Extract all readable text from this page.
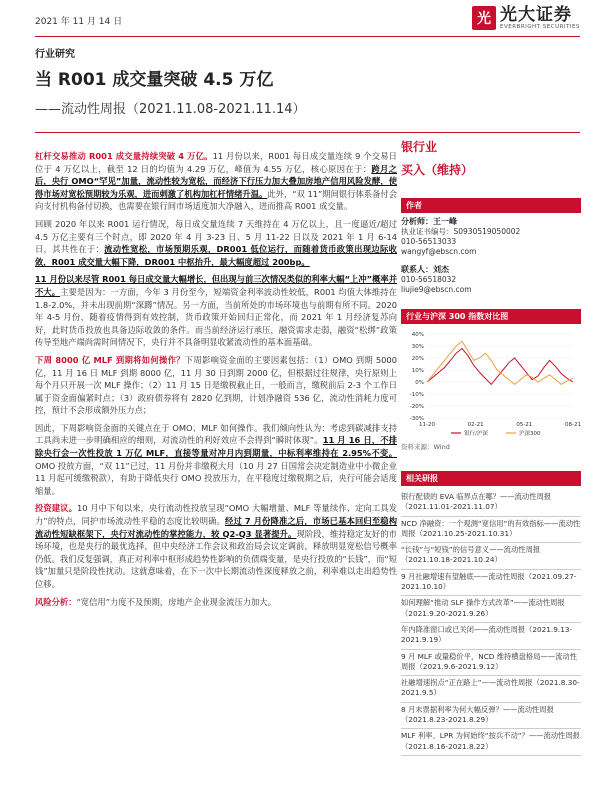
2021 年 11 月 14 日	光 光大证券
EVERBRIGHT SECURITIES
行业研究
当 R001 成交量突破 4.5 万亿
——流动性周报（2021.11.08-2021.11.14）

杠杆交易推动 R001 成交量持续突破 4 万亿。11 月份以来，R001 每日成交量连续 9 个交易日位于 4 万亿以上，截至 12 日的均值为 4.29 万亿，峰值为 4.55 万亿，核心原因在于：跨月之后，央行 OMO“罕见”加量，流动性较为宽松，而经济下行压力加大叠加房地产信用风险发酵，使得市场对宽松预期较为乐观，进而刺激了机构加杠杆情绪升温。此外，“双 11”期间银行体系备付会向支付机构备付切换，也需要在银行间市场适度加大净融入，进而推高 R001 成交量。

回顾 2020 年以来 R001 运行情况，每日成交量连续 7 天维持在 4 万亿以上，且一度逼近/超过 4.5 万亿主要有三个时点，即 2020 年 4 月 3-23 日、5 月 11-22 日以及 2021 年 1 月 6-14 日，其共性在于：流动性宽松，市场预期乐观，DR001 低位运行，而随着货币政策出现边际收敛，R001 成交量大幅下降，DR001 中枢抬升，最大幅度超过 200bp。

11 月份以来尽管 R001 每日成交量大幅增长，但出现与前三次情况类似的利率大幅“上冲”概率并不大。主要是因为：一方面，今年 3 月份至今，短端资金利率波动性较低，R001 均值大体维持在 1.8-2.0%，并未出现前期“深蹲”情况。另一方面，当前所处的市场环境也与前期有所不同。2020 年 4-5 月份，随着疫情得到有效控制，货币政策开始回归正常化，而 2021 年 1 月经济复苏向好，此时货币投放也具备边际收敛的条件。而当前经济运行承压，融资需求走弱，融资“松绑”政策传导至地产端尚需时间情况下，央行并不具备明显收紧流动性的基本面基础。

下周 8000 亿 MLF 到期将如何操作？下周影响资金面的主要因素包括：（1）OMO 到期 5000 亿，11 月 16 日 MLF 到期 8000 亿，11 月 30 日到期 2000 亿，但根据过往规律，央行原则上每个月只开展一次 MLF 操作；（2）11 月 15 日是缴税截止日，一般而言，缴税前后 2-3 个工作日属于资金面偏紧时点；（3）政府债券将有 2820 亿到期，计划净融资 536 亿，流动性消耗力度可控，预计不会形成额外压力点；

因此，下周影响资金面的关键点在于 OMO、MLF 如何操作。我们倾向性认为：考虑到碳减排支持工具尚未进一步明确相应的细则，对流动性的利好效应不会得到“瞬时体现”。11 月 16 日，不排除央行会一次性投放 1 万亿 MLF，直接等量对冲月内到期量，中标利率维持在 2.95%不变。OMO 投放方面，“双 11”已过，11 月份并非缴税大月（10 月 27 日国常会决定制造业中小微企业 11 月起可缓缴税款），有助于降低央行 OMO 投放压力，在平稳度过缴税期之后，央行可能会适度缩量。

投资建议。10 月中下旬以来，央行流动性投放呈现“OMO 大幅增量、MLF 等量续作、定向工具发力”的特点，同护市场流动性平稳的态度比较明确。经过 7 月份降准之后，市场已基本回归至稳构流动性短缺框架下，央行对流动性的掌控能力，较 Q2-Q3 显著提升。现阶段，维持稳定友好的市场环境，也是央行的最优选择，但中央经济工作会议和政治局会议定调前，释放明显宽松信号概率仍低。我们反复强调，真正对利率中枢形成趋势性影响的负债端变量，是央行投放的“长钱”，而“短钱”加量只是阶段性扰动。这就意味着，在下一次中长期流动性深度释放之前，利率难以走出趋势性位移。

风险分析：“宽信用”力度不及预期，房地产企业现金流压力加大。

银行业
买入（维持）
作者
分析师：王一峰
执业证书编号：S0930519050002
010-56513033
wangyf@ebscn.com
联系人：刘杰
010-56518032
liujie9@ebscn.com
行业与沪深 300 指数对比图
-30%
-20%
-10%
0%
10%
20%
30%
40%
11-20	02-21	05-21	08-21
银行/沪深	沪深300
资料来源：Wind
相关研报
银行配债的 EVA 临界点在哪？——流动性周报（2021.11.01-2021.11.07）
NCD 净融资：一个观测“宽信用”的有效指标——流动性周报（2021.10.25-2021.10.31）
“长钱”与“短钱”的信号意义——流动性周报（2021.10.18-2021.10.24）
9 月社融增速有望触底——流动性周报（2021.09.27-2021.10.10）
如何理解“推动 SLF 操作方式改革”——流动性周报（2021.9.20-2021.9.26）
年内降准窗口或已关闭——流动性周报（2021.9.13-2021.9.19）
9 月 MLF 或量稳价平，NCD 维持横盘格局——流动性周报（2021.9.6-2021.9.12）
社融增速拐点“正在路上”——流动性周报（2021.8.30-2021.9.5）
8 月末票据利率为何大幅反弹？——流动性周报（2021.8.23-2021.8.29）
MLF 利率、LPR 为何始终“按兵不动”？——流动性周报（2021.8.16-2021.8.22）
